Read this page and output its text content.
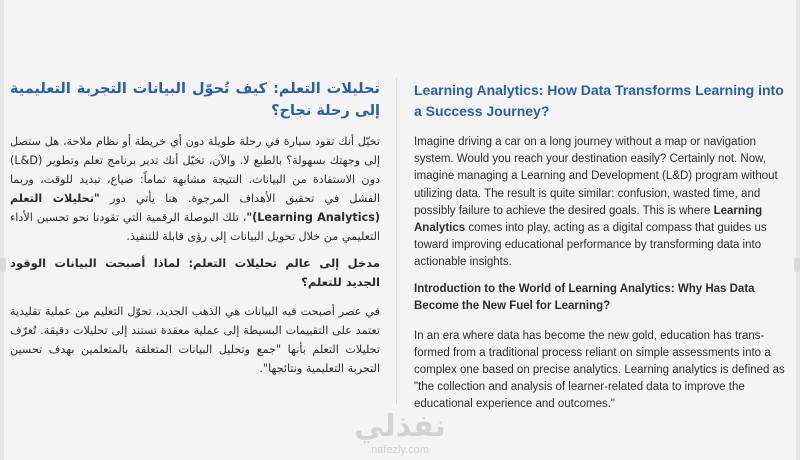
تحليلات التعلم: كيف تُحوّل البيانات التجربة التعليمية إلى رحلة نجاح؟

تخيّل أنك تقود سيارة في رحلة طويلة دون أي خريطة أو نظام ملاحة، هل ستصل إلى وجهتك بسهولة؟ بالطبع لا. والآن، تخيّل أنك تدير برنامج تعلم وتطوير (L&D) دون الاستفادة من البيانات. النتيجة مشابهة تماماً: ضياع، تبديد للوقت، وربما الفشل في تحقيق الأهداف المرجوة. هنا يأتي دور "تحليلات التعلم (Learning Analytics)"، تلك البوصلة الرقمية التي تقودنا نحو تحسين الأداء التعليمي من خلال تحويل البيانات إلى رؤى قابلة للتنفيذ.

مدخل إلى عالم تحليلات التعلم: لماذا أصبحت البيانات الوقود الجديد للتعلم؟

في عصر أصبحت فيه البيانات هي الذهب الجديد، تحوّل التعليم من عملية تقليدية تعتمد على التقييمات البسيطة إلى عملية معقدة تستند إلى تحليلات دقيقة. تُعرّف تحليلات التعلم بأنها "جمع وتحليل البيانات المتعلقة بالمتعلمين بهدف تحسين التجربة التعليمية ونتائجها".

Learning Analytics: How Data Transforms Learning into a Success Journey?

Imagine driving a car on a long journey without a map or navigation system. Would you reach your destination easily? Certainly not. Now, imagine managing a Learning and Development (L&D) program without utilizing data. The result is quite similar: confusion, wasted time, and possibly failure to achieve the desired goals. This is where Learning Analytics comes into play, acting as a digital compass that guides us toward improving educational performance by transforming data into actionable insights.

Introduction to the World of Learning Analytics: Why Has Data Become the New Fuel for Learning?

In an era where data has become the new gold, education has transformed from a traditional process reliant on simple assessments into a complex one based on precise analytics. Learning analytics is defined as "the collection and analysis of learner-related data to improve the educational experience and outcomes."

نفذلي
nafezly.com
